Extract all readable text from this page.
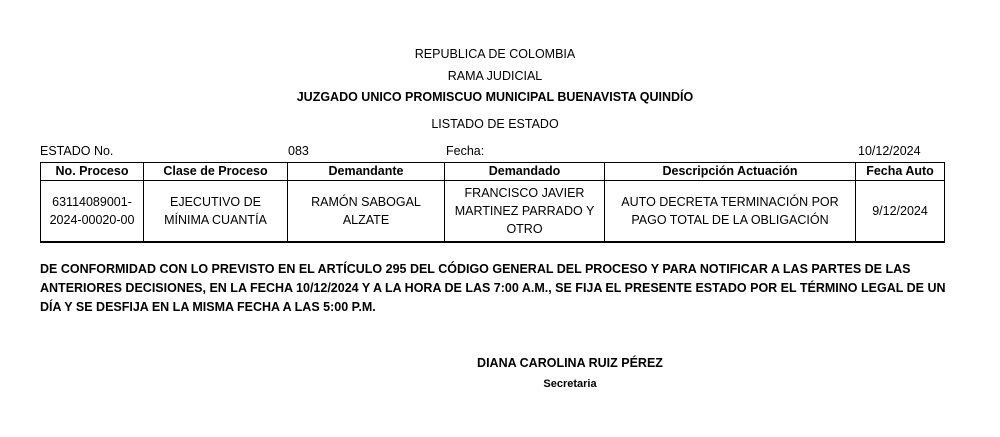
REPUBLICA DE COLOMBIA
RAMA JUDICIAL
JUZGADO UNICO PROMISCUO MUNICIPAL BUENAVISTA QUINDÍO
LISTADO DE ESTADO
ESTADO No.	083	Fecha:	10/12/2024
No. Proceso	Clase de Proceso	Demandante	Demandado	Descripción Actuación	Fecha Auto
63114089001-2024-00020-00	EJECUTIVO DE MÍNIMA CUANTÍA	RAMÓN SABOGAL ALZATE	FRANCISCO JAVIER MARTINEZ PARRADO Y OTRO	AUTO DECRETA TERMINACIÓN POR PAGO TOTAL DE LA OBLIGACIÓN	9/12/2024
DE CONFORMIDAD CON LO PREVISTO EN EL ARTÍCULO 295 DEL CÓDIGO GENERAL DEL PROCESO Y PARA NOTIFICAR A LAS PARTES DE LAS ANTERIORES DECISIONES, EN LA FECHA 10/12/2024 Y A LA HORA DE LAS 7:00 A.M., SE FIJA EL PRESENTE ESTADO POR EL TÉRMINO LEGAL DE UN DÍA Y SE DESFIJA EN LA MISMA FECHA A LAS 5:00 P.M.
DIANA CAROLINA RUIZ PÉREZ
Secretaria
